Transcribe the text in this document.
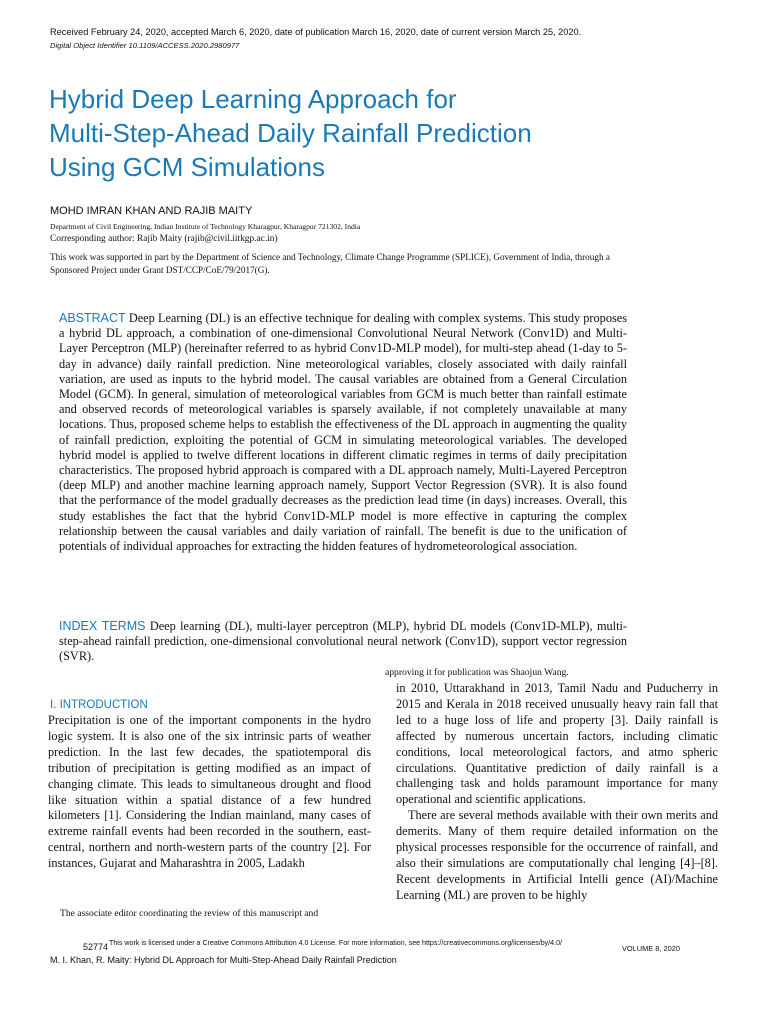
Received February 24, 2020, accepted March 6, 2020, date of publication March 16, 2020, date of current version March 25, 2020.
Digital Object Identifier 10.1109/ACCESS.2020.2980977
Hybrid Deep Learning Approach for
Multi-Step-Ahead Daily Rainfall Prediction
Using GCM Simulations
MOHD IMRAN KHAN AND RAJIB MAITY
Department of Civil Engineering, Indian Institute of Technology Kharagpur, Kharagpur 721302, India
Corresponding author: Rajib Maity (rajib@civil.iitkgp.ac.in)
This work was supported in part by the Department of Science and Technology, Climate Change Programme (SPLICE), Government of India, through a Sponsored Project under Grant DST/CCP/CoE/79/2017(G).
ABSTRACT Deep Learning (DL) is an effective technique for dealing with complex systems. This study proposes a hybrid DL approach, a combination of one-dimensional Convolutional Neural Network (Conv1D) and Multi-Layer Perceptron (MLP) (hereinafter referred to as hybrid Conv1D-MLP model), for multi-step ahead (1-day to 5-day in advance) daily rainfall prediction. Nine meteorological variables, closely associated with daily rainfall variation, are used as inputs to the hybrid model. The causal variables are obtained from a General Circulation Model (GCM). In general, simulation of meteorological variables from GCM is much better than rainfall estimate and observed records of meteorological variables is sparsely available, if not completely unavailable at many locations. Thus, proposed scheme helps to establish the effectiveness of the DL approach in augmenting the quality of rainfall prediction, exploiting the potential of GCM in simulating meteorological variables. The developed hybrid model is applied to twelve different locations in different climatic regimes in terms of daily precipitation characteristics. The proposed hybrid approach is compared with a DL approach namely, Multi-Layered Perceptron (deep MLP) and another machine learning approach namely, Support Vector Regression (SVR). It is also found that the performance of the model gradually decreases as the prediction lead time (in days) increases. Overall, this study establishes the fact that the hybrid Conv1D-MLP model is more effective in capturing the complex relationship between the causal variables and daily variation of rainfall. The benefit is due to the unification of potentials of individual approaches for extracting the hidden features of hydrometeorological association.
INDEX TERMS Deep learning (DL), multi-layer perceptron (MLP), hybrid DL models (Conv1D-MLP), multi-step-ahead rainfall prediction, one-dimensional convolutional neural network (Conv1D), support vector regression (SVR).
approving it for publication was Shaojun Wang.
I. INTRODUCTION

Precipitation is one of the important components in the hydro logic system. It is also one of the six intrinsic parts of weather prediction. In the last few decades, the spatiotemporal dis tribution of precipitation is getting modified as an impact of changing climate. This leads to simultaneous drought and flood like situation within a spatial distance of a few hundred kilometers [1]. Considering the Indian mainland, many cases of extreme rainfall events had been recorded in the southern, east-central, northern and north-western parts of the country [2]. For instances, Gujarat and Maharashtra in 2005, Ladakh

in 2010, Uttarakhand in 2013, Tamil Nadu and Puducherry in 2015 and Kerala in 2018 received unusually heavy rain fall that led to a huge loss of life and property [3]. Daily rainfall is affected by numerous uncertain factors, including climatic conditions, local meteorological factors, and atmo spheric circulations. Quantitative prediction of daily rainfall is a challenging task and holds paramount importance for many operational and scientific applications.

There are several methods available with their own merits and demerits. Many of them require detailed information on the physical processes responsible for the occurrence of rainfall, and also their simulations are computationally chal lenging [4]–[8]. Recent developments in Artificial Intelli gence (AI)/Machine Learning (ML) are proven to be highly

The associate editor coordinating the review of this manuscript and
52774 This work is licensed under a Creative Commons Attribution 4.0 License. For more information, see https://creativecommons.org/licenses/by/4.0/
VOLUME 8, 2020
M. I. Khan, R. Maity: Hybrid DL Approach for Multi-Step-Ahead Daily Rainfall Prediction
